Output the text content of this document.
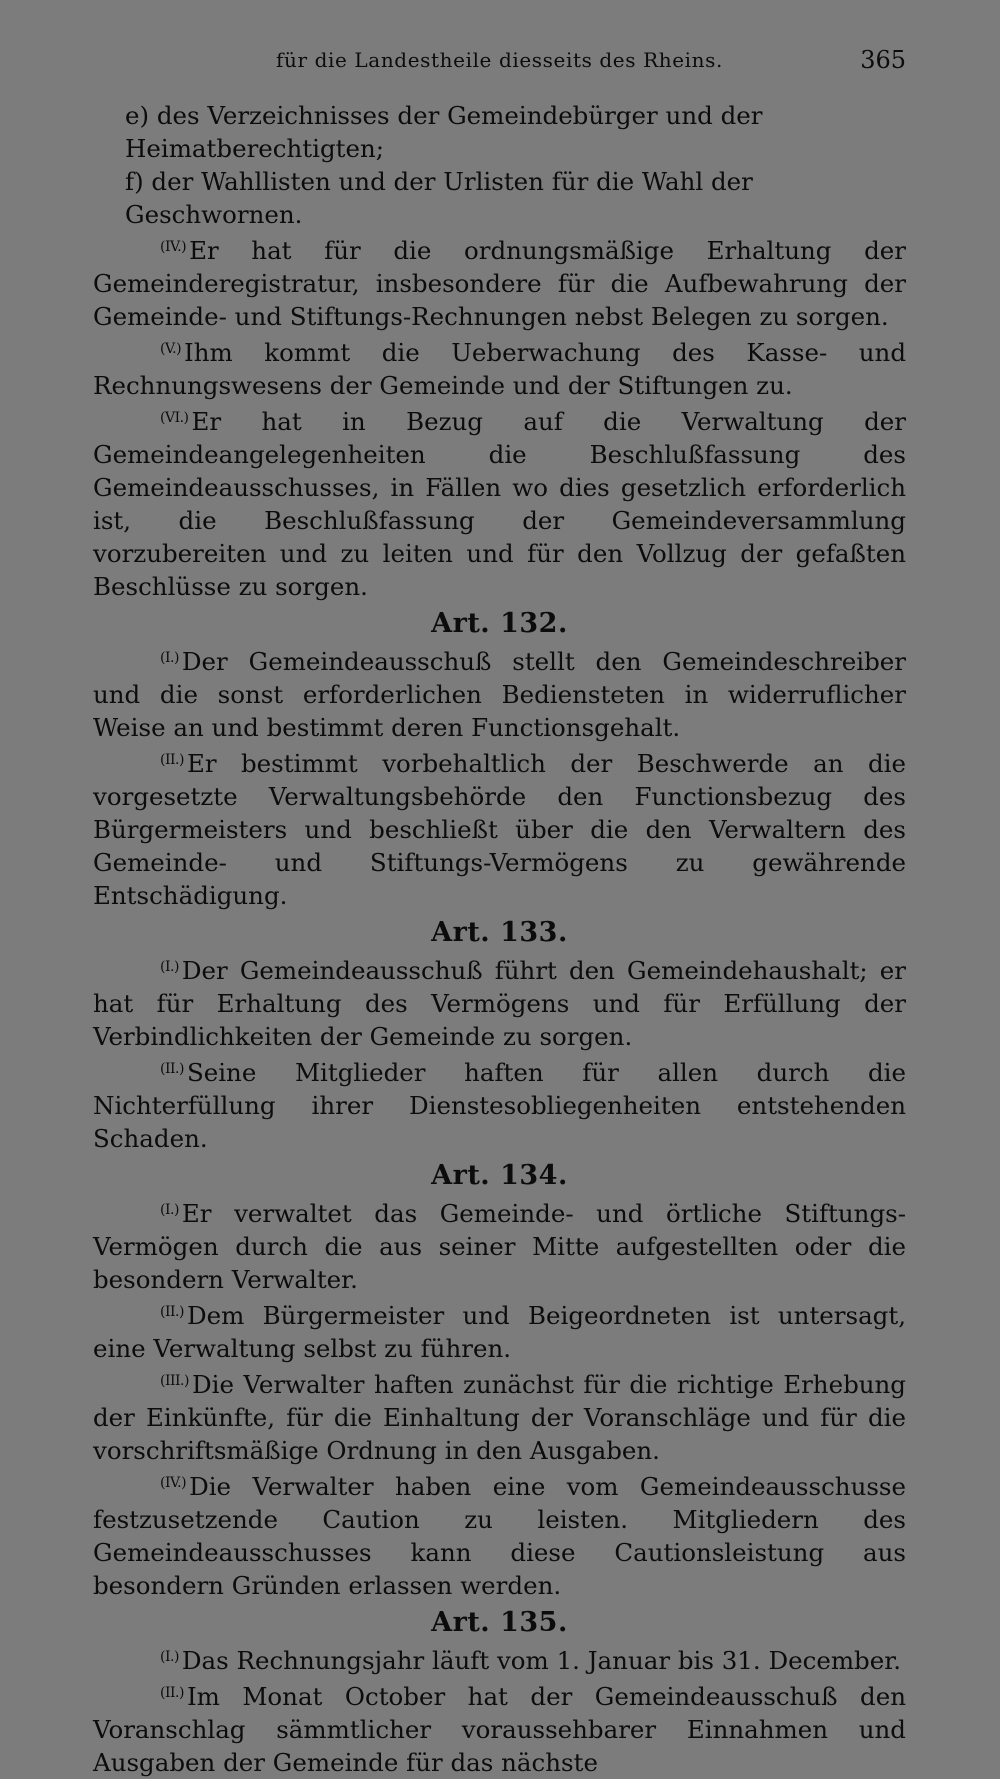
für die Landestheile diesseits des Rheins.	365

e) des Verzeichnisses der Gemeindebürger und der Heimatberechtigten;

f) der Wahllisten und der Urlisten für die Wahl der Geschwornen.

$^{(IV.)}$ Er hat für die ordnungsmäßige Erhaltung der Gemeinderegistratur, insbesondere für die Aufbewahrung der Gemeinde- und Stiftungs-Rechnungen nebst Belegen zu sorgen.

$^{(V.)}$ Ihm kommt die Ueberwachung des Kasse- und Rechnungswesens der Gemeinde und der Stiftungen zu.

$^{(VI.)}$ Er hat in Bezug auf die Verwaltung der Gemeindeangelegenheiten die Beschlußfassung des Gemeindeausschusses, in Fällen wo dies gesetzlich erforderlich ist, die Beschlußfassung der Gemeindeversammlung vorzubereiten und zu leiten und für den Vollzug der gefaßten Beschlüsse zu sorgen.

Art. 132.

$^{(I.)}$ Der Gemeindeausschuß stellt den Gemeindeschreiber und die sonst erforderlichen Bediensteten in widerruflicher Weise an und bestimmt deren Functionsgehalt.

$^{(II.)}$ Er bestimmt vorbehaltlich der Beschwerde an die vorgesetzte Verwaltungsbehörde den Functionsbezug des Bürgermeisters und beschließt über die den Verwaltern des Gemeinde- und Stiftungs-Vermögens zu gewährende Entschädigung.

Art. 133.

$^{(I.)}$ Der Gemeindeausschuß führt den Gemeindehaushalt; er hat für Erhaltung des Vermögens und für Erfüllung der Verbindlichkeiten der Gemeinde zu sorgen.

$^{(II.)}$ Seine Mitglieder haften für allen durch die Nichterfüllung ihrer Dienstesobliegenheiten entstehenden Schaden.

Art. 134.

$^{(I.)}$ Er verwaltet das Gemeinde- und örtliche Stiftungs-Vermögen durch die aus seiner Mitte aufgestellten oder die besondern Verwalter.

$^{(II.)}$ Dem Bürgermeister und Beigeordneten ist untersagt, eine Verwaltung selbst zu führen.

$^{(III.)}$ Die Verwalter haften zunächst für die richtige Erhebung der Einkünfte, für die Einhaltung der Voranschläge und für die vorschriftsmäßige Ordnung in den Ausgaben.

$^{(IV.)}$ Die Verwalter haben eine vom Gemeindeausschusse festzusetzende Caution zu leisten. Mitgliedern des Gemeindeausschusses kann diese Cautionsleistung aus besondern Gründen erlassen werden.

Art. 135.

$^{(I.)}$ Das Rechnungsjahr läuft vom 1. Januar bis 31. December.

$^{(II.)}$ Im Monat October hat der Gemeindeausschuß den Voranschlag sämmtlicher voraussehbarer Einnahmen und Ausgaben der Gemeinde für das nächste
